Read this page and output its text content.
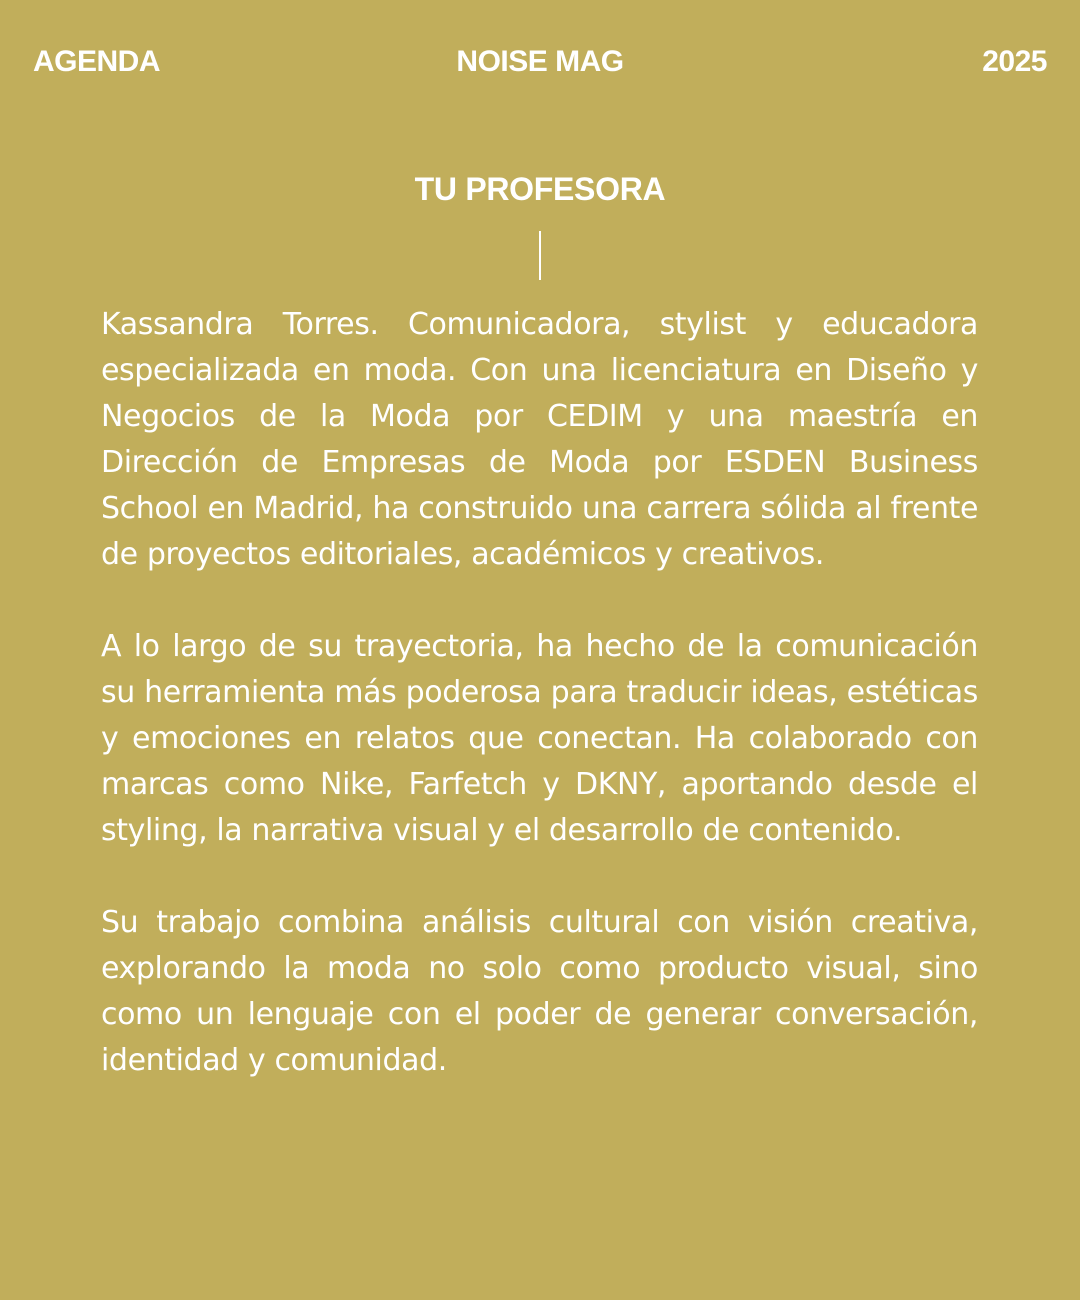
AGENDA	NOISE MAG	2025
TU PROFESORA

Kassandra Torres. Comunicadora, stylist y educadora especializada en moda. Con una licenciatura en Diseño y Negocios de la Moda por CEDIM y una maestría en Dirección de Empresas de Moda por ESDEN Business School en Madrid, ha construido una carrera sólida al frente de proyectos editoriales, académicos y creativos.

A lo largo de su trayectoria, ha hecho de la comunicación su herramienta más poderosa para traducir ideas, estéticas y emociones en relatos que conectan. Ha colaborado con marcas como Nike, Farfetch y DKNY, aportando desde el styling, la narrativa visual y el desarrollo de contenido.

Su trabajo combina análisis cultural con visión creativa, explorando la moda no solo como producto visual, sino como un lenguaje con el poder de generar conversación, identidad y comunidad.
